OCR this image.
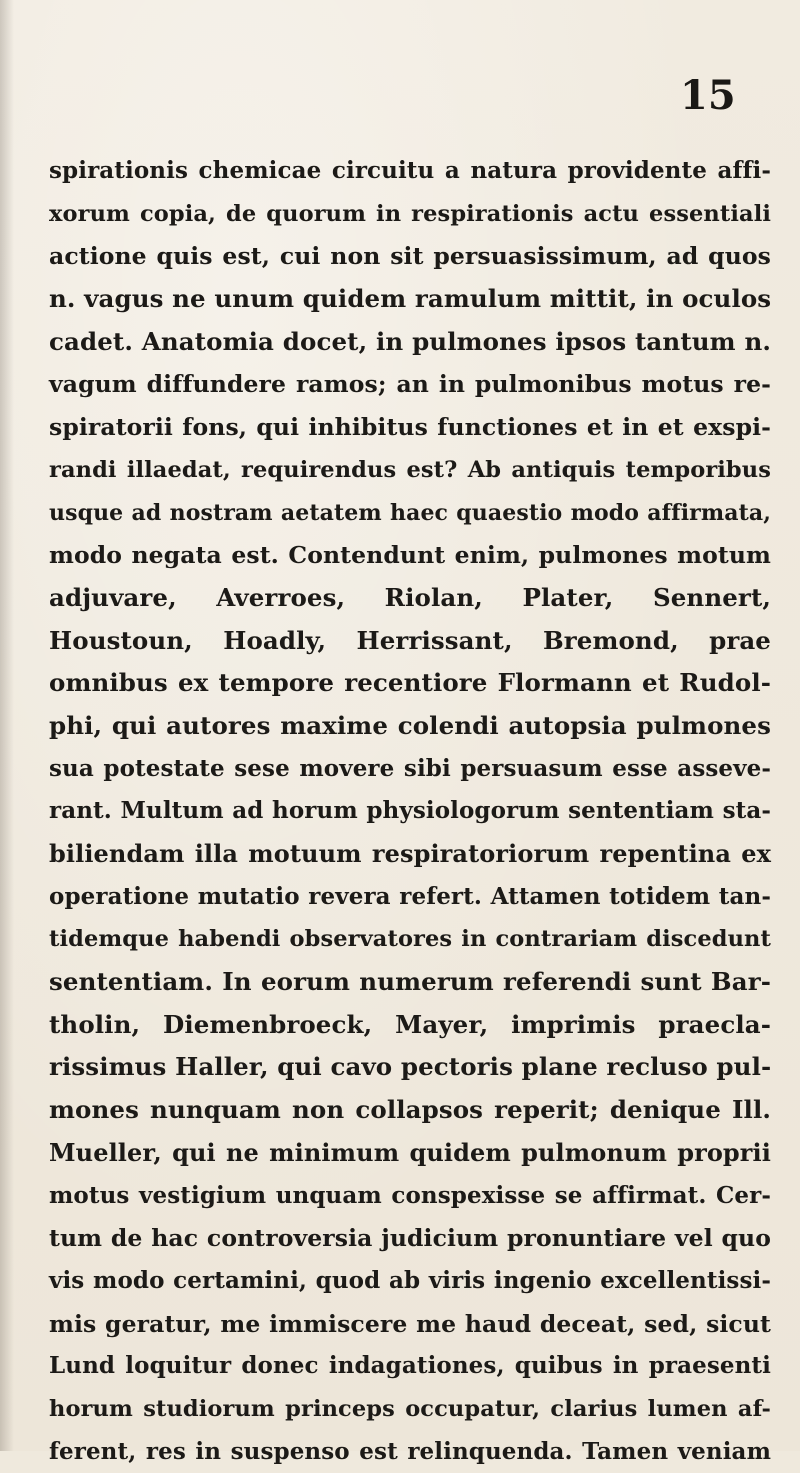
15
spirationis chemicae circuitu a natura providente affi-
xorum copia, de quorum in respirationis actu essentiali
actione quis est, cui non sit persuasissimum, ad quos
n. vagus ne unum quidem ramulum mittit, in oculos
cadet. Anatomia docet, in pulmones ipsos tantum n.
vagum diffundere ramos; an in pulmonibus motus re-
spiratorii fons, qui inhibitus functiones et in et exspi-
randi illaedat, requirendus est? Ab antiquis temporibus
usque ad nostram aetatem haec quaestio modo affirmata,
modo negata est. Contendunt enim, pulmones motum
adjuvare, Averroes, Riolan, Plater, Sennert,
Houstoun, Hoadly, Herrissant, Bremond, prae
omnibus ex tempore recentiore Flormann et Rudol-
phi, qui autores maxime colendi autopsia pulmones
sua potestate sese movere sibi persuasum esse asseve-
rant. Multum ad horum physiologorum sententiam sta-
biliendam illa motuum respiratoriorum repentina ex
operatione mutatio revera refert. Attamen totidem tan-
tidemque habendi observatores in contrariam discedunt
sententiam. In eorum numerum referendi sunt Bar-
tholin, Diemenbroeck, Mayer, imprimis praecla-
rissimus Haller, qui cavo pectoris plane recluso pul-
mones nunquam non collapsos reperit; denique Ill.
Mueller, qui ne minimum quidem pulmonum proprii
motus vestigium unquam conspexisse se affirmat. Cer-
tum de hac controversia judicium pronuntiare vel quo
vis modo certamini, quod ab viris ingenio excellentissi-
mis geratur, me immiscere me haud deceat, sed, sicut
Lund loquitur donec indagationes, quibus in praesenti
horum studiorum princeps occupatur, clarius lumen af-
ferent, res in suspenso est relinquenda. Tamen veniam
